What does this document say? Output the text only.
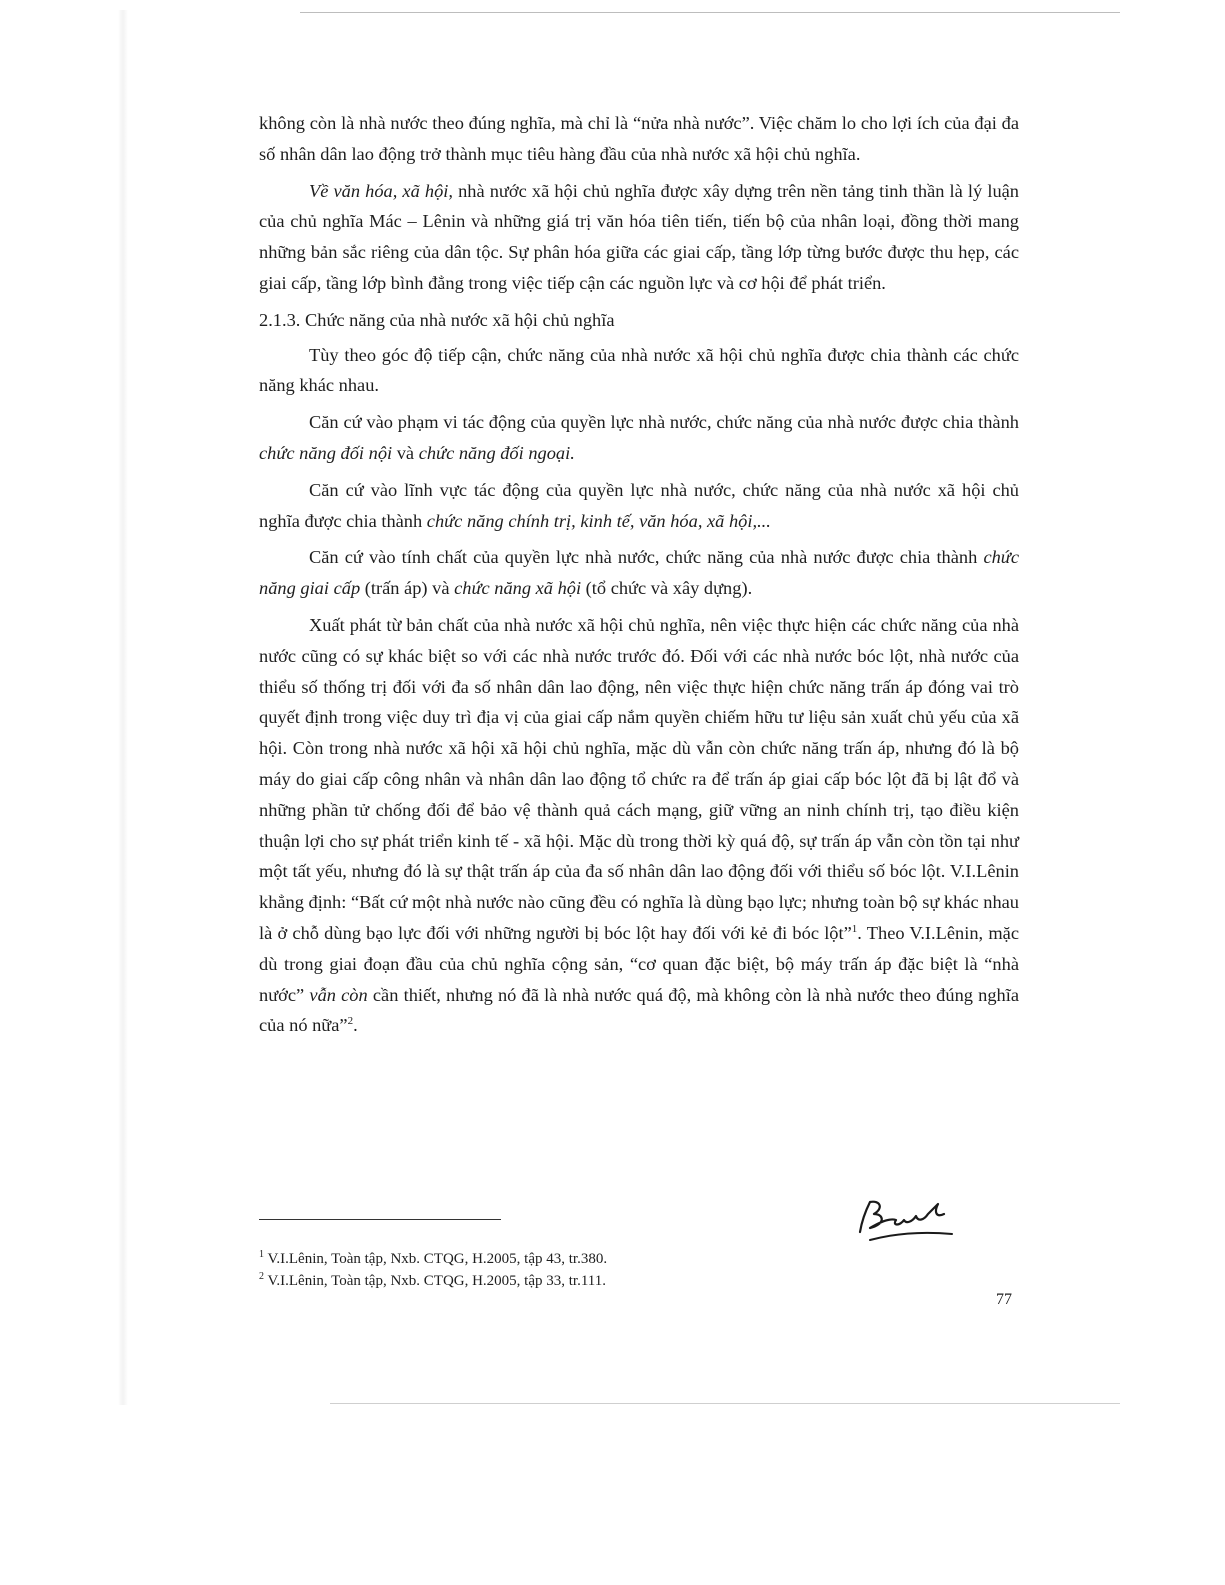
không còn là nhà nước theo đúng nghĩa, mà chỉ là “nửa nhà nước”. Việc chăm lo cho lợi ích của đại đa số nhân dân lao động trở thành mục tiêu hàng đầu của nhà nước xã hội chủ nghĩa.

Về văn hóa, xã hội, nhà nước xã hội chủ nghĩa được xây dựng trên nền tảng tinh thần là lý luận của chủ nghĩa Mác – Lênin và những giá trị văn hóa tiên tiến, tiến bộ của nhân loại, đồng thời mang những bản sắc riêng của dân tộc. Sự phân hóa giữa các giai cấp, tầng lớp từng bước được thu hẹp, các giai cấp, tầng lớp bình đẳng trong việc tiếp cận các nguồn lực và cơ hội để phát triển.

2.1.3. Chức năng của nhà nước xã hội chủ nghĩa

Tùy theo góc độ tiếp cận, chức năng của nhà nước xã hội chủ nghĩa được chia thành các chức năng khác nhau.

Căn cứ vào phạm vi tác động của quyền lực nhà nước, chức năng của nhà nước được chia thành chức năng đối nội và chức năng đối ngoại.

Căn cứ vào lĩnh vực tác động của quyền lực nhà nước, chức năng của nhà nước xã hội chủ nghĩa được chia thành chức năng chính trị, kinh tế, văn hóa, xã hội,...

Căn cứ vào tính chất của quyền lực nhà nước, chức năng của nhà nước được chia thành chức năng giai cấp (trấn áp) và chức năng xã hội (tổ chức và xây dựng).

Xuất phát từ bản chất của nhà nước xã hội chủ nghĩa, nên việc thực hiện các chức năng của nhà nước cũng có sự khác biệt so với các nhà nước trước đó. Đối với các nhà nước bóc lột, nhà nước của thiểu số thống trị đối với đa số nhân dân lao động, nên việc thực hiện chức năng trấn áp đóng vai trò quyết định trong việc duy trì địa vị của giai cấp nắm quyền chiếm hữu tư liệu sản xuất chủ yếu của xã hội. Còn trong nhà nước xã hội xã hội chủ nghĩa, mặc dù vẫn còn chức năng trấn áp, nhưng đó là bộ máy do giai cấp công nhân và nhân dân lao động tổ chức ra để trấn áp giai cấp bóc lột đã bị lật đổ và những phần tử chống đối để bảo vệ thành quả cách mạng, giữ vững an ninh chính trị, tạo điều kiện thuận lợi cho sự phát triển kinh tế - xã hội. Mặc dù trong thời kỳ quá độ, sự trấn áp vẫn còn tồn tại như một tất yếu, nhưng đó là sự thật trấn áp của đa số nhân dân lao động đối với thiểu số bóc lột. V.I.Lênin khẳng định: “Bất cứ một nhà nước nào cũng đều có nghĩa là dùng bạo lực; nhưng toàn bộ sự khác nhau là ở chỗ dùng bạo lực đối với những người bị bóc lột hay đối với kẻ đi bóc lột”$^1$. Theo V.I.Lênin, mặc dù trong giai đoạn đầu của chủ nghĩa cộng sản, “cơ quan đặc biệt, bộ máy trấn áp đặc biệt là “nhà nước” vẫn còn cần thiết, nhưng nó đã là nhà nước quá độ, mà không còn là nhà nước theo đúng nghĩa của nó nữa”$^2$.

$^1$ V.I.Lênin, Toàn tập, Nxb. CTQG, H.2005, tập 43, tr.380.

$^2$ V.I.Lênin, Toàn tập, Nxb. CTQG, H.2005, tập 33, tr.111.

77
